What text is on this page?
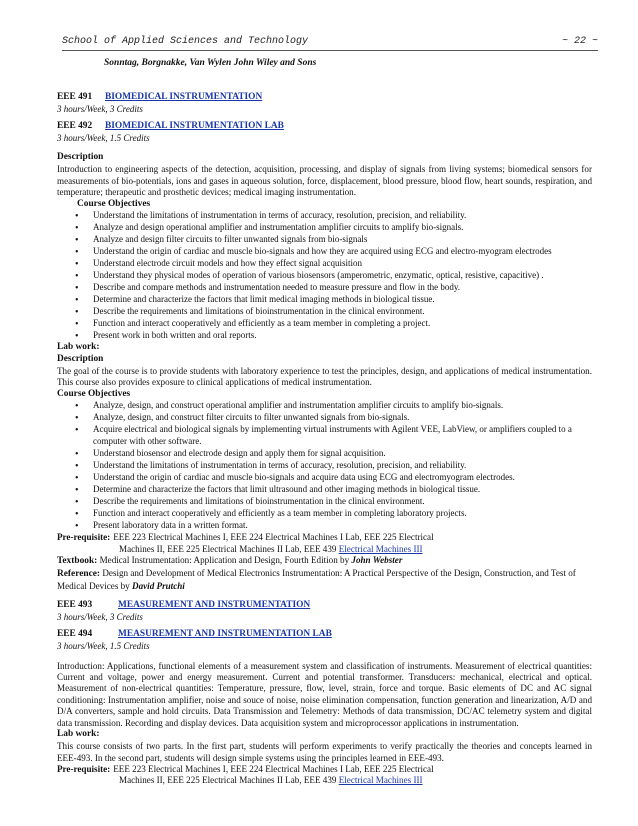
School of Applied Sciences and Technology	~ 22 ~
Sonntag, Borgnakke, Van Wylen John Wiley and Sons
EEE 491	BIOMEDICAL INSTRUMENTATION
3 hours/Week, 3 Credits
EEE 492	BIOMEDICAL INSTRUMENTATION LAB
3 hours/Week, 1.5 Credits
Description
Introduction to engineering aspects of the detection, acquisition, processing, and display of signals from living systems; biomedical sensors for measurements of bio-potentials, ions and gases in aqueous solution, force, displacement, blood pressure, blood flow, heart sounds, respiration, and temperature; therapeutic and prosthetic devices; medical imaging instrumentation.
Course Objectives
• Understand the limitations of instrumentation in terms of accuracy, resolution, precision, and reliability.
• Analyze and design operational amplifier and instrumentation amplifier circuits to amplify bio-signals.
• Analyze and design filter circuits to filter unwanted signals from bio-signals
• Understand the origin of cardiac and muscle bio-signals and how they are acquired using ECG and electro-myogram electrodes
• Understand electrode circuit models and how they effect signal acquisition
• Understand they physical modes of operation of various biosensors (amperometric, enzymatic, optical, resistive, capacitive) .
• Describe and compare methods and instrumentation needed to measure pressure and flow in the body.
• Determine and characterize the factors that limit medical imaging methods in biological tissue.
• Describe the requirements and limitations of bioinstrumentation in the clinical environment.
• Function and interact cooperatively and efficiently as a team member in completing a project.
• Present work in both written and oral reports.
Lab work:
Description
The goal of the course is to provide students with laboratory experience to test the principles, design, and applications of medical instrumentation. This course also provides exposure to clinical applications of medical instrumentation.
Course Objectives
• Analyze, design, and construct operational amplifier and instrumentation amplifier circuits to amplify bio-signals.
• Analyze, design, and construct filter circuits to filter unwanted signals from bio-signals.
• Acquire electrical and biological signals by implementing virtual instruments with Agilent VEE, LabView, or amplifiers coupled to a computer with other software.
• Understand biosensor and electrode design and apply them for signal acquisition.
• Understand the limitations of instrumentation in terms of accuracy, resolution, precision, and reliability.
• Understand the origin of cardiac and muscle bio-signals and acquire data using ECG and electromyogram electrodes.
• Determine and characterize the factors that limit ultrasound and other imaging methods in biological tissue.
• Describe the requirements and limitations of bioinstrumentation in the clinical environment.
• Function and interact cooperatively and efficiently as a team member in completing laboratory projects.
• Present laboratory data in a written format.
Pre-requisite: EEE 223 Electrical Machines I, EEE 224 Electrical Machines I Lab, EEE 225 Electrical
Machines II, EEE 225 Electrical Machines II Lab, EEE 439 Electrical Machines III
Textbook: Medical Instrumentation: Application and Design, Fourth Edition by John Webster
Reference: Design and Development of Medical Electronics Instrumentation: A Practical Perspective of the Design, Construction, and Test of Medical Devices by David Prutchi
EEE 493	MEASUREMENT AND INSTRUMENTATION
3 hours/Week, 3 Credits
EEE 494	MEASUREMENT AND INSTRUMENTATION LAB
3 hours/Week, 1.5 Credits
Introduction: Applications, functional elements of a measurement system and classification of instruments. Measurement of electrical quantities: Current and voltage, power and energy measurement. Current and potential transformer. Transducers: mechanical, electrical and optical. Measurement of non-electrical quantities: Temperature, pressure, flow, level, strain, force and torque. Basic elements of DC and AC signal conditioning: Instrumentation amplifier, noise and souce of noise, noise elimination compensation, function generation and linearization, A/D and D/A converters, sample and hold circuits. Data Transmission and Telemetry: Methods of data transmission, DC/AC telemetry system and digital data transmission. Recording and display devices. Data acquisition system and microprocessor applications in instrumentation.
Lab work:
This course consists of two parts. In the first part, students will perform experiments to verify practically the theories and concepts learned in EEE-493. In the second part, students will design simple systems using the principles learned in EEE-493.
Pre-requisite: EEE 223 Electrical Machines I, EEE 224 Electrical Machines I Lab, EEE 225 Electrical
Machines II, EEE 225 Electrical Machines II Lab, EEE 439 Electrical Machines III
